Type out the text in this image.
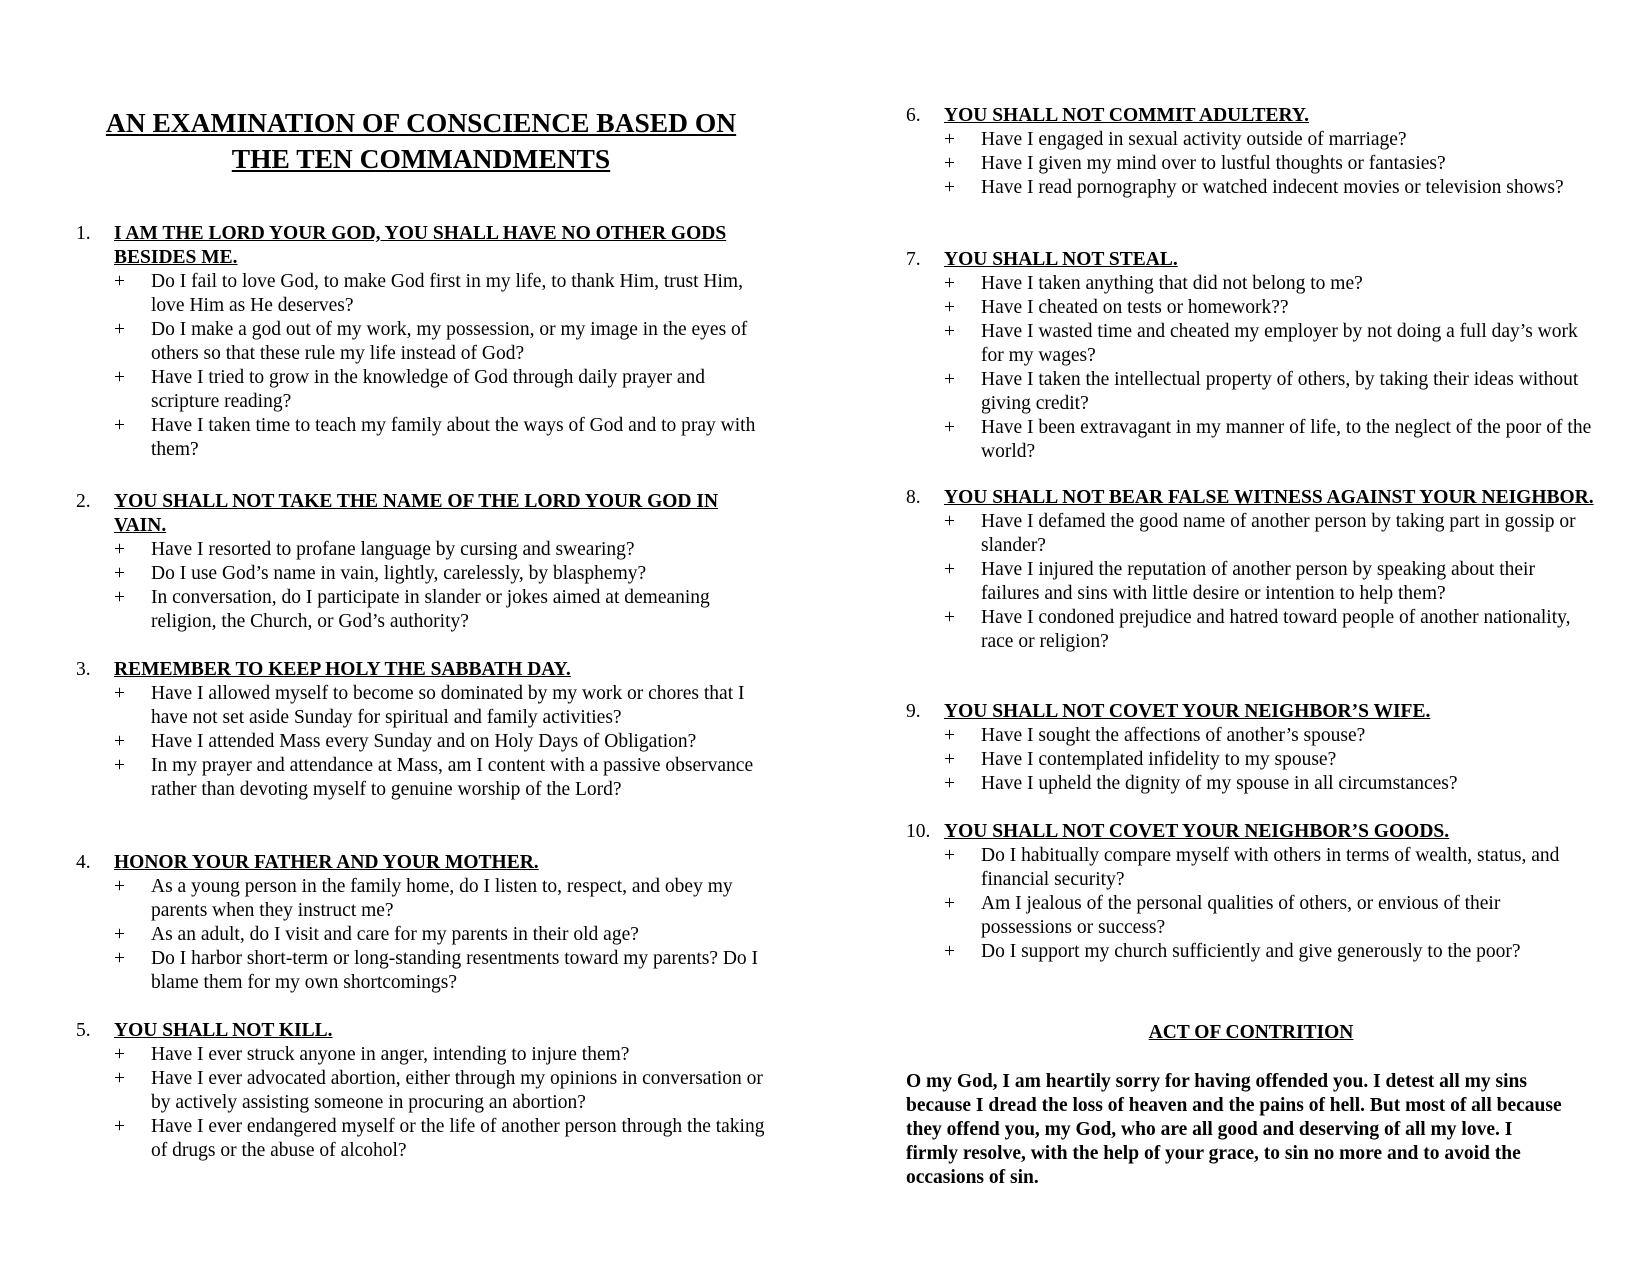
AN EXAMINATION OF CONSCIENCE BASED ON
THE TEN COMMANDMENTS
1.	I AM THE LORD YOUR GOD, YOU SHALL HAVE NO OTHER GODS BESIDES ME.
+	Do I fail to love God, to make God first in my life, to thank Him, trust Him, love Him as He deserves?
+	Do I make a god out of my work, my possession, or my image in the eyes of others so that these rule my life instead of God?
+	Have I tried to grow in the knowledge of God through daily prayer and scripture reading?
+	Have I taken time to teach my family about the ways of God and to pray with them?
2.	YOU SHALL NOT TAKE THE NAME OF THE LORD YOUR GOD IN VAIN.
+	Have I resorted to profane language by cursing and swearing?
+	Do I use God’s name in vain, lightly, carelessly, by blasphemy?
+	In conversation, do I participate in slander or jokes aimed at demeaning religion, the Church, or God’s authority?
3.	REMEMBER TO KEEP HOLY THE SABBATH DAY.
+	Have I allowed myself to become so dominated by my work or chores that I have not set aside Sunday for spiritual and family activities?
+	Have I attended Mass every Sunday and on Holy Days of Obligation?
+	In my prayer and attendance at Mass, am I content with a passive observance rather than devoting myself to genuine worship of the Lord?
4.	HONOR YOUR FATHER AND YOUR MOTHER.
+	As a young person in the family home, do I listen to, respect, and obey my parents when they instruct me?
+	As an adult, do I visit and care for my parents in their old age?
+	Do I harbor short-term or long-standing resentments toward my parents? Do I blame them for my own shortcomings?
5.	YOU SHALL NOT KILL.
+	Have I ever struck anyone in anger, intending to injure them?
+	Have I ever advocated abortion, either through my opinions in conversation or by actively assisting someone in procuring an abortion?
+	Have I ever endangered myself or the life of another person through the taking of drugs or the abuse of alcohol?
ACT OF CONTRITION
O my God, I am heartily sorry for having offended you. I detest all my sins because I dread the loss of heaven and the pains of hell. But most of all because they offend you, my God, who are all good and deserving of all my love. I firmly resolve, with the help of your grace, to sin no more and to avoid the occasions of sin.
6.	YOU SHALL NOT COMMIT ADULTERY.
+	Have I engaged in sexual activity outside of marriage?
+	Have I given my mind over to lustful thoughts or fantasies?
+	Have I read pornography or watched indecent movies or television shows?
7.	YOU SHALL NOT STEAL.
+	Have I taken anything that did not belong to me?
+	Have I cheated on tests or homework??
+	Have I wasted time and cheated my employer by not doing a full day’s work for my wages?
+	Have I taken the intellectual property of others, by taking their ideas without giving credit?
+	Have I been extravagant in my manner of life, to the neglect of the poor of the world?
8.	YOU SHALL NOT BEAR FALSE WITNESS AGAINST YOUR NEIGHBOR.
+	Have I defamed the good name of another person by taking part in gossip or slander?
+	Have I injured the reputation of another person by speaking about their failures and sins with little desire or intention to help them?
+	Have I condoned prejudice and hatred toward people of another nationality, race or religion?
9.	YOU SHALL NOT COVET YOUR NEIGHBOR’S WIFE.
+	Have I sought the affections of another’s spouse?
+	Have I contemplated infidelity to my spouse?
+	Have I upheld the dignity of my spouse in all circumstances?
10. YOU SHALL NOT COVET YOUR NEIGHBOR’S GOODS.
+	Do I habitually compare myself with others in terms of wealth, status, and financial security?
+	Am I jealous of the personal qualities of others, or envious of their possessions or success?
+	Do I support my church sufficiently and give generously to the poor?
